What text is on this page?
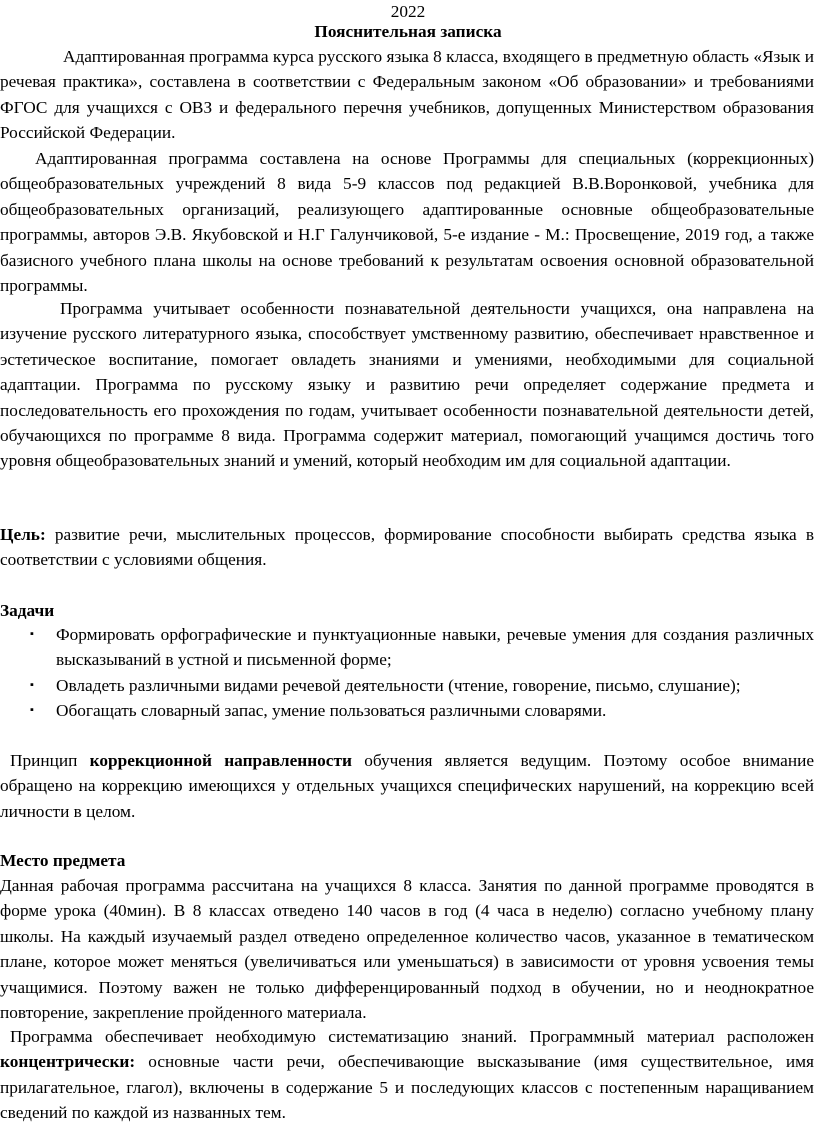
2022
Пояснительная записка
Адаптированная программа курса русского языка 8 класса, входящего в предметную область «Язык и речевая практика», составлена в соответствии с Федеральным законом «Об образовании» и требованиями ФГОС для учащихся с ОВЗ и федерального перечня учебников, допущенных Министерством образования Российской Федерации.
Адаптированная программа составлена на основе Программы для специальных (коррекционных) общеобразовательных учреждений 8 вида 5-9 классов под редакцией В.В.Воронковой, учебника для общеобразовательных организаций, реализующего адаптированные основные общеобразовательные программы, авторов Э.В. Якубовской и Н.Г Галунчиковой, 5-е издание - М.: Просвещение, 2019 год, а также базисного учебного плана школы на основе требований к результатам освоения основной образовательной программы.
Программа учитывает особенности познавательной деятельности учащихся, она направлена на изучение русского литературного языка, способствует умственному развитию, обеспечивает нравственное и эстетическое воспитание, помогает овладеть знаниями и умениями, необходимыми для социальной адаптации. Программа по русскому языку и развитию речи определяет содержание предмета и последовательность его прохождения по годам, учитывает особенности познавательной деятельности детей, обучающихся по программе 8 вида. Программа содержит материал, помогающий учащимся достичь того уровня общеобразовательных знаний и умений, который необходим им для социальной адаптации.
Цель: развитие речи, мыслительных процессов, формирование способности выбирать средства языка в соответствии с условиями общения.
Задачи
▪ Формировать орфографические и пунктуационные навыки, речевые умения для создания различных высказываний в устной и письменной форме;
▪ Овладеть различными видами речевой деятельности (чтение, говорение, письмо, слушание);
▪ Обогащать словарный запас, умение пользоваться различными словарями.
Принцип коррекционной направленности обучения является ведущим. Поэтому особое внимание обращено на коррекцию имеющихся у отдельных учащихся специфических нарушений, на коррекцию всей личности в целом.
Место предмета
Данная рабочая программа рассчитана на учащихся 8 класса. Занятия по данной программе проводятся в форме урока (40мин). В 8 классах отведено 140 часов в год (4 часа в неделю) согласно учебному плану школы. На каждый изучаемый раздел отведено определенное количество часов, указанное в тематическом плане, которое может меняться (увеличиваться или уменьшаться) в зависимости от уровня усвоения темы учащимися. Поэтому важен не только дифференцированный подход в обучении, но и неоднократное повторение, закрепление пройденного материала.
Программа обеспечивает необходимую систематизацию знаний. Программный материал расположен концентрически: основные части речи, обеспечивающие высказывание (имя существительное, имя прилагательное, глагол), включены в содержание 5 и последующих классов с постепенным наращиванием сведений по каждой из названных тем.
